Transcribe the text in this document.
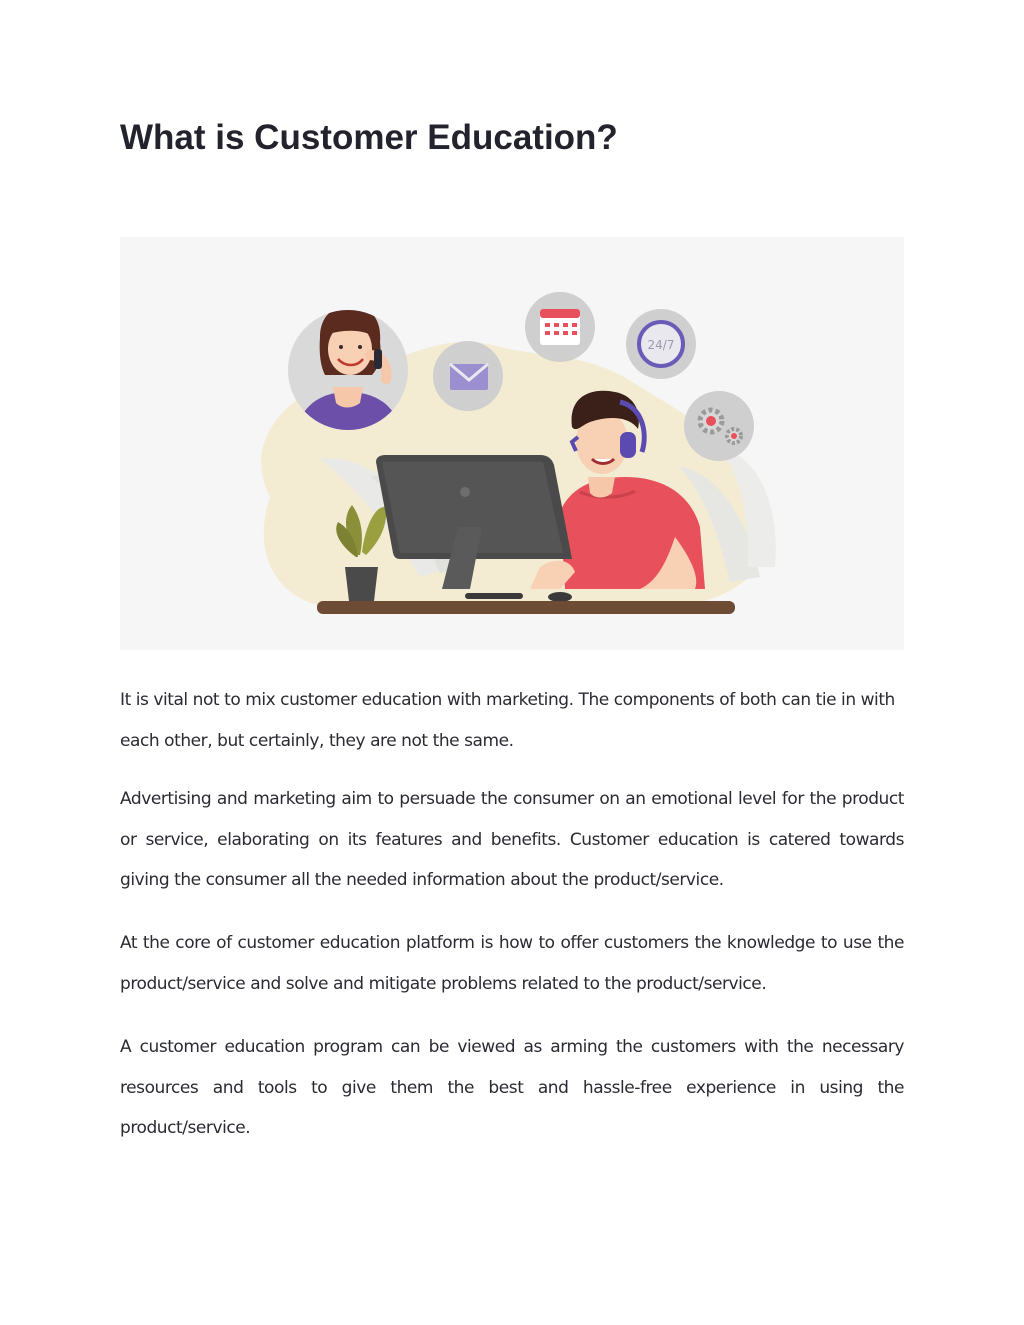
What is Customer Education?
24/7

It is vital not to mix customer education with marketing. The components of both can tie in with each other, but certainly, they are not the same.

Advertising and marketing aim to persuade the consumer on an emotional level for the product or service, elaborating on its features and benefits. Customer education is catered towards giving the consumer all the needed information about the product/service.

At the core of customer education platform is how to offer customers the knowledge to use the product/service and solve and mitigate problems related to the product/service.

A customer education program can be viewed as arming the customers with the necessary resources and tools to give them the best and hassle-free experience in using the product/service.
